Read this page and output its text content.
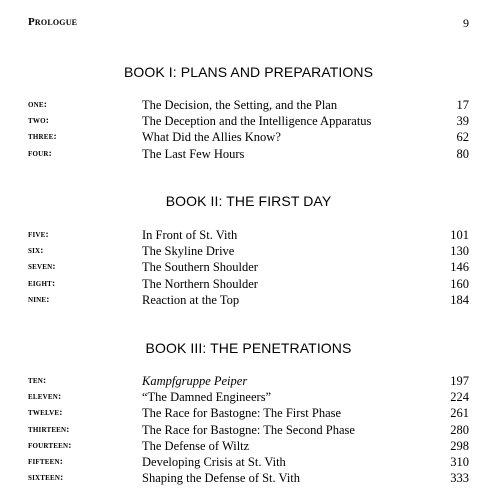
Prologue	9
BOOK I: PLANS AND PREPARATIONS
one:	The Decision, the Setting, and the Plan	17
two:	The Deception and the Intelligence Apparatus	39
three:	What Did the Allies Know?	62
four:	The Last Few Hours	80
BOOK II: THE FIRST DAY
five:	In Front of St. Vith	101
six:	The Skyline Drive	130
seven:	The Southern Shoulder	146
eight:	The Northern Shoulder	160
nine:	Reaction at the Top	184
BOOK III: THE PENETRATIONS
ten:	Kampfgruppe Peiper	197
eleven:	“The Damned Engineers”	224
twelve:	The Race for Bastogne: The First Phase	261
thirteen:	The Race for Bastogne: The Second Phase	280
fourteen:	The Defense of Wiltz	298
fifteen:	Developing Crisis at St. Vith	310
sixteen:	Shaping the Defense of St. Vith	333
